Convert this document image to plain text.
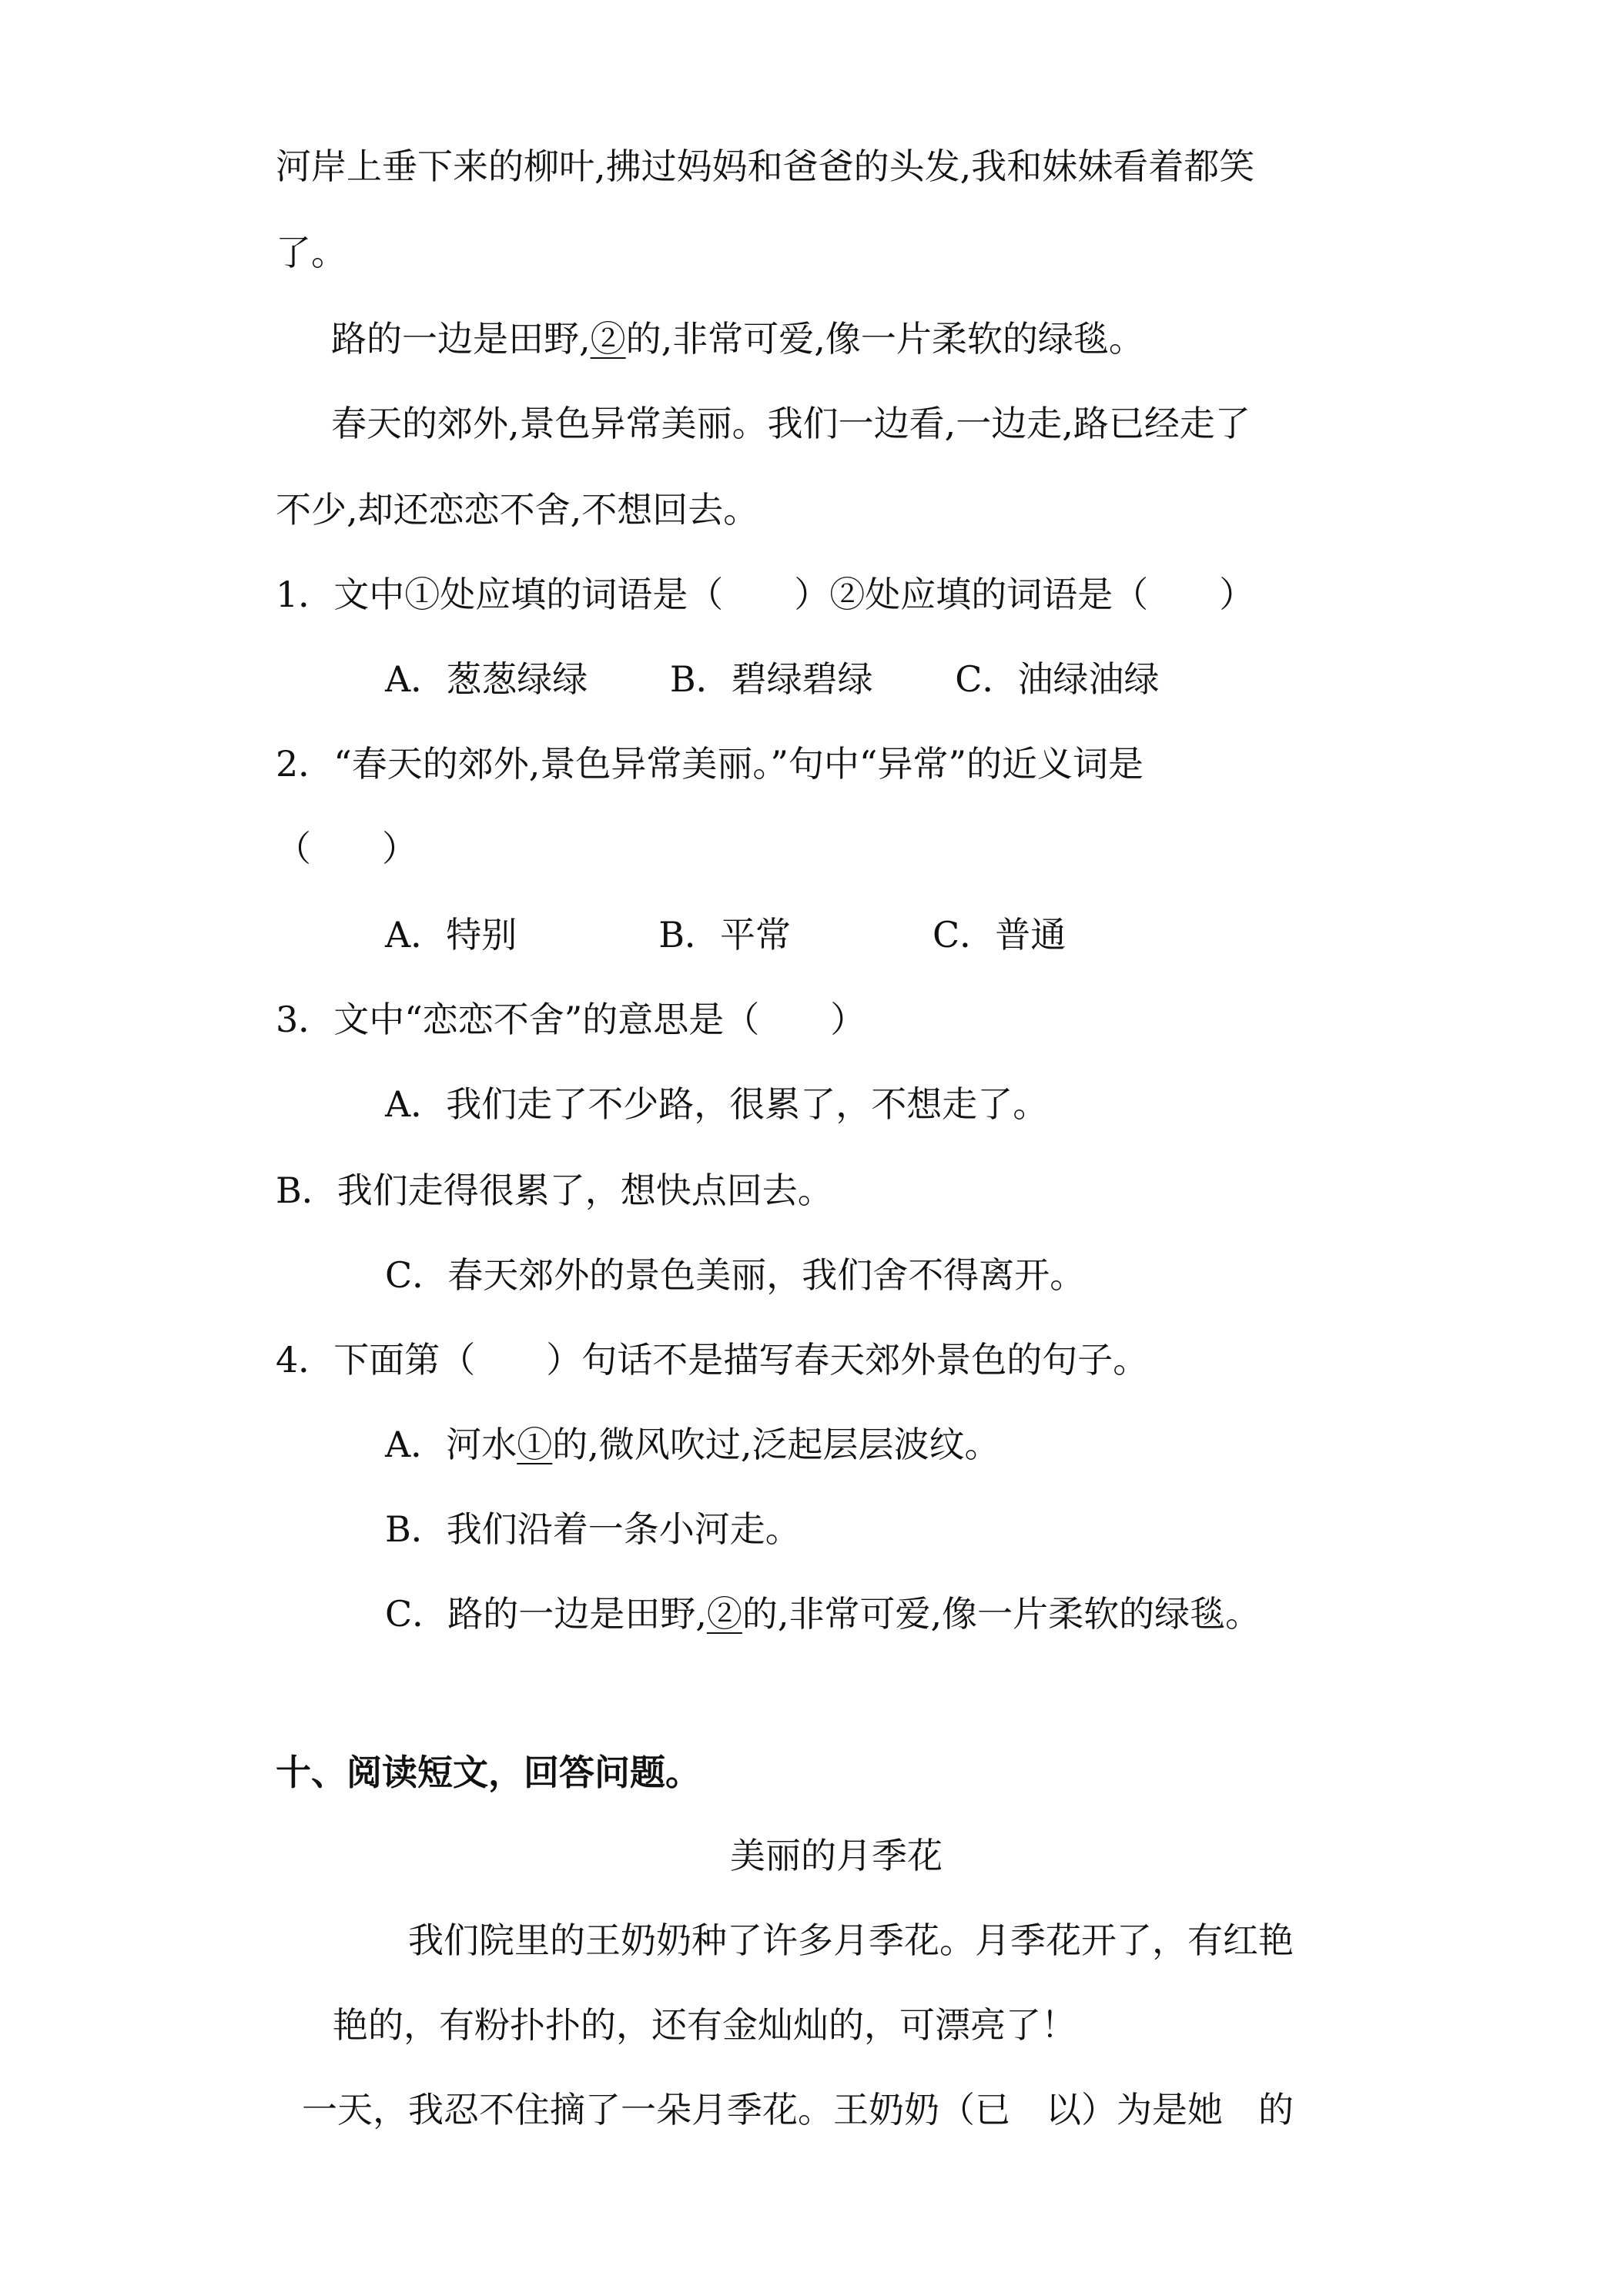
河岸上垂下来的柳叶,拂过妈妈和爸爸的头发,我和妹妹看着都笑

了。

路的一边是田野,②的,非常可爱,像一片柔软的绿毯。

春天的郊外,景色异常美丽。我们一边看,一边走,路已经走了

不少,却还恋恋不舍,不想回去。

1．文中①处应填的词语是（　　）②处应填的词语是（　　）

A．葱葱绿绿　　 B．碧绿碧绿　　 C．油绿油绿

2．“春天的郊外,景色异常美丽。”句中“异常”的近义词是

（　　）

A．特别　　　　B．平常　　　　C．普通

3．文中“恋恋不舍”的意思是（　　）

A．我们走了不少路，很累了，不想走了。

B．我们走得很累了，想快点回去。

C．春天郊外的景色美丽，我们舍不得离开。

4．下面第（　　）句话不是描写春天郊外景色的句子。

A．河水①的,微风吹过,泛起层层波纹。

B．我们沿着一条小河走。

C．路的一边是田野,②的,非常可爱,像一片柔软的绿毯。

十、阅读短文，回答问题。

美丽的月季花

我们院里的王奶奶种了许多月季花。月季花开了，有红艳

艳的，有粉扑扑的，还有金灿灿的，可漂亮了！

一天，我忍不住摘了一朵月季花。王奶奶（已　以）为是她　的
